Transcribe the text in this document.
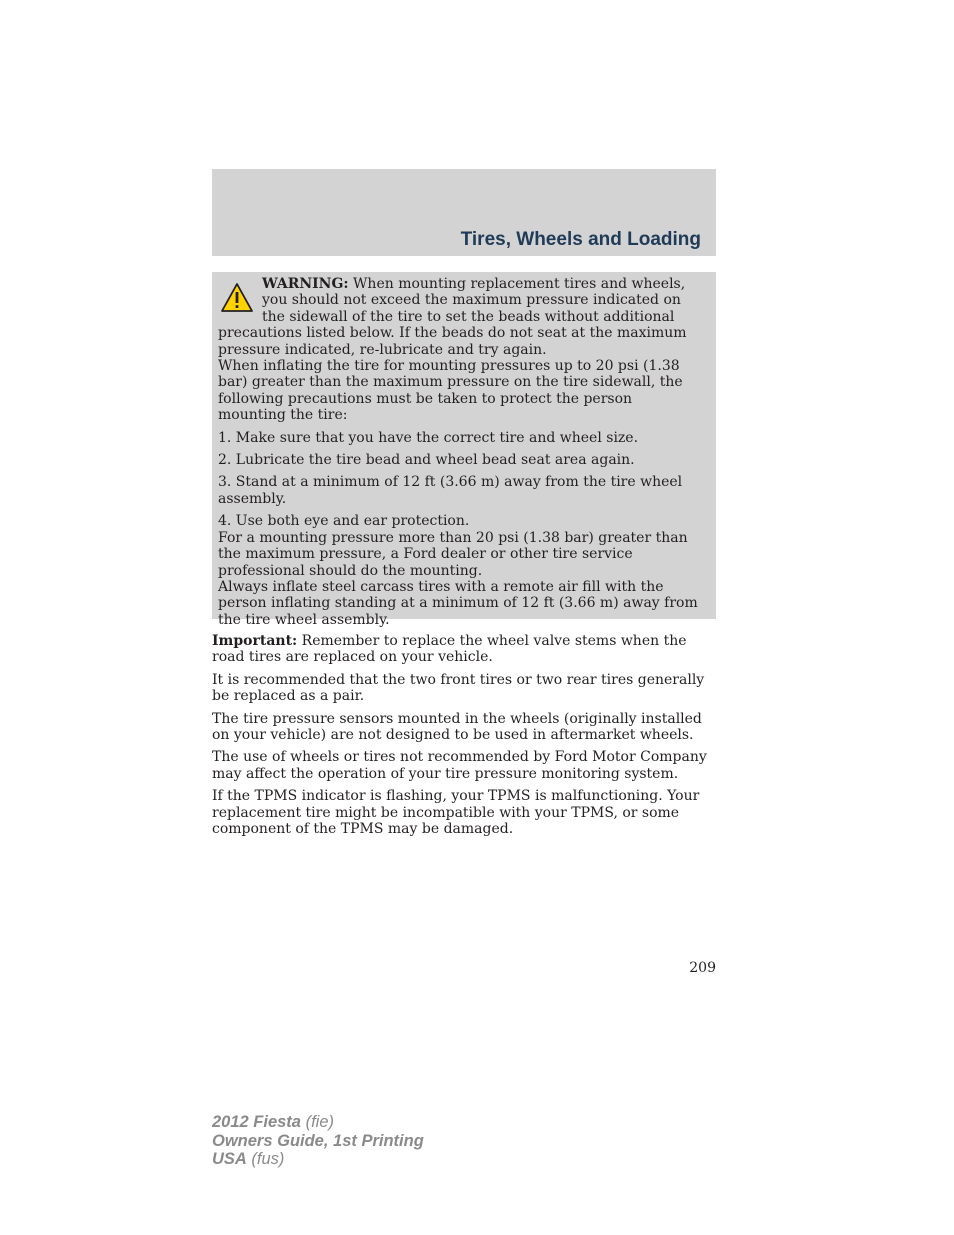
Tires, Wheels and Loading

WARNING: When mounting replacement tires and wheels, you should not exceed the maximum pressure indicated on the sidewall of the tire to set the beads without additional precautions listed below. If the beads do not seat at the maximum pressure indicated, re-lubricate and try again.

When inflating the tire for mounting pressures up to 20 psi (1.38 bar) greater than the maximum pressure on the tire sidewall, the following precautions must be taken to protect the person mounting the tire:

1. Make sure that you have the correct tire and wheel size.

2. Lubricate the tire bead and wheel bead seat area again.

3. Stand at a minimum of 12 ft (3.66 m) away from the tire wheel assembly.

4. Use both eye and ear protection.

For a mounting pressure more than 20 psi (1.38 bar) greater than the maximum pressure, a Ford dealer or other tire service professional should do the mounting.

Always inflate steel carcass tires with a remote air fill with the person inflating standing at a minimum of 12 ft (3.66 m) away from the tire wheel assembly.

Important: Remember to replace the wheel valve stems when the road tires are replaced on your vehicle.

It is recommended that the two front tires or two rear tires generally be replaced as a pair.

The tire pressure sensors mounted in the wheels (originally installed on your vehicle) are not designed to be used in aftermarket wheels.

The use of wheels or tires not recommended by Ford Motor Company may affect the operation of your tire pressure monitoring system.

If the TPMS indicator is flashing, your TPMS is malfunctioning. Your replacement tire might be incompatible with your TPMS, or some component of the TPMS may be damaged.

209

2012 Fiesta (fie)
Owners Guide, 1st Printing
USA (fus)
